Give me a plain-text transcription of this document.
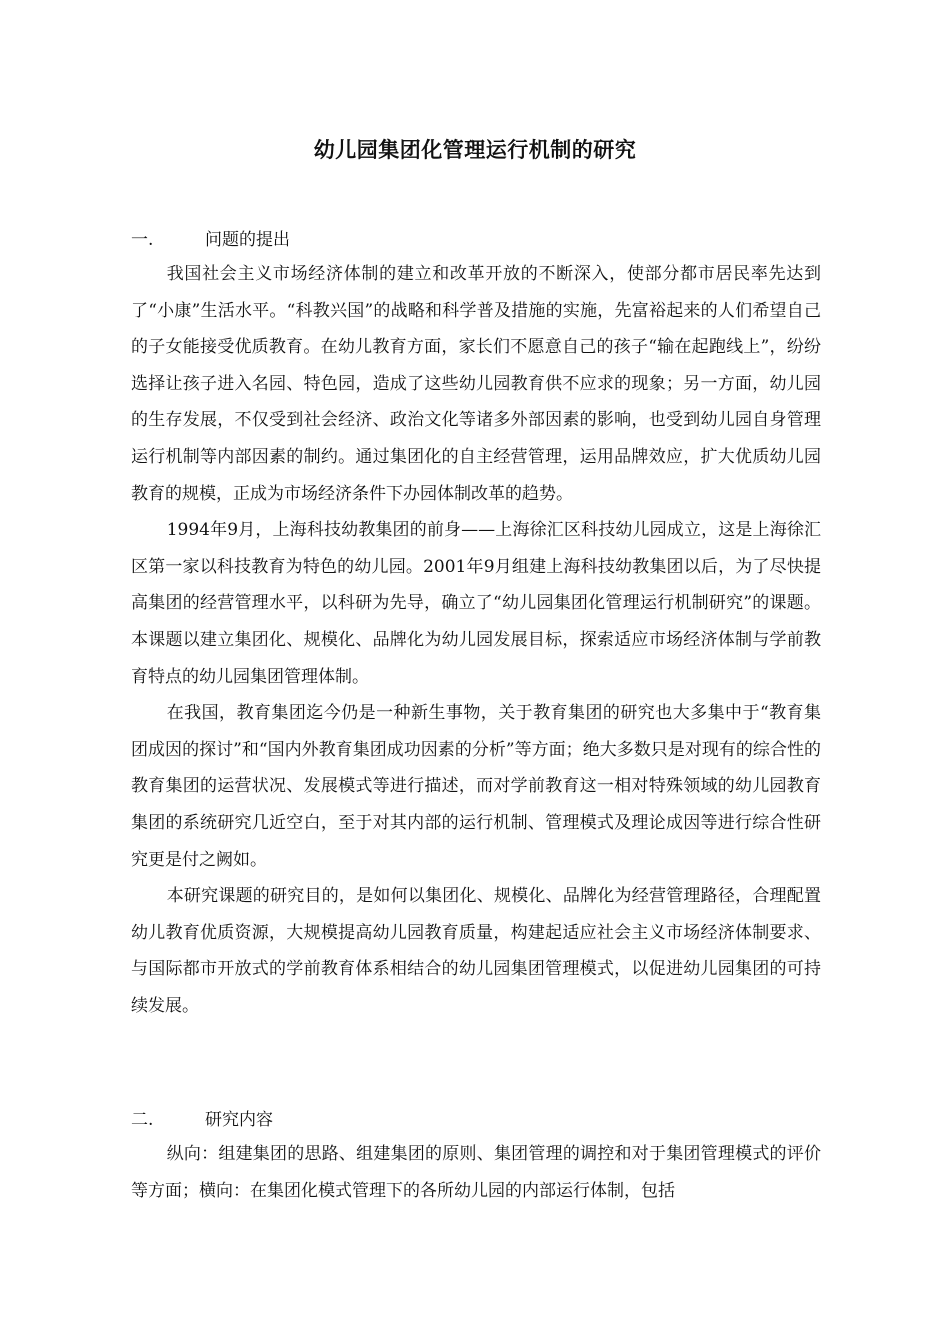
幼儿园集团化管理运行机制的研究
一.	问题的提出

我国社会主义市场经济体制的建立和改革开放的不断深入，使部分都市居民率先达到了“小康”生活水平。“科教兴国”的战略和科学普及措施的实施，先富裕起来的人们希望自己的子女能接受优质教育。在幼儿教育方面，家长们不愿意自己的孩子“输在起跑线上”，纷纷选择让孩子进入名园、特色园，造成了这些幼儿园教育供不应求的现象；另一方面，幼儿园的生存发展，不仅受到社会经济、政治文化等诸多外部因素的影响，也受到幼儿园自身管理运行机制等内部因素的制约。通过集团化的自主经营管理，运用品牌效应，扩大优质幼儿园教育的规模，正成为市场经济条件下办园体制改革的趋势。

1994年9月，上海科技幼教集团的前身——上海徐汇区科技幼儿园成立，这是上海徐汇区第一家以科技教育为特色的幼儿园。2001年9月组建上海科技幼教集团以后，为了尽快提高集团的经营管理水平，以科研为先导，确立了“幼儿园集团化管理运行机制研究”的课题。本课题以建立集团化、规模化、品牌化为幼儿园发展目标，探索适应市场经济体制与学前教育特点的幼儿园集团管理体制。

在我国，教育集团迄今仍是一种新生事物，关于教育集团的研究也大多集中于“教育集团成因的探讨”和“国内外教育集团成功因素的分析”等方面；绝大多数只是对现有的综合性的教育集团的运营状况、发展模式等进行描述，而对学前教育这一相对特殊领域的幼儿园教育集团的系统研究几近空白，至于对其内部的运行机制、管理模式及理论成因等进行综合性研究更是付之阙如。

本研究课题的研究目的，是如何以集团化、规模化、品牌化为经营管理路径，合理配置幼儿教育优质资源，大规模提高幼儿园教育质量，构建起适应社会主义市场经济体制要求、与国际都市开放式的学前教育体系相结合的幼儿园集团管理模式，以促进幼儿园集团的可持续发展。

二.	研究内容

纵向：组建集团的思路、组建集团的原则、集团管理的调控和对于集团管理模式的评价等方面；横向：在集团化模式管理下的各所幼儿园的内部运行体制，包括
